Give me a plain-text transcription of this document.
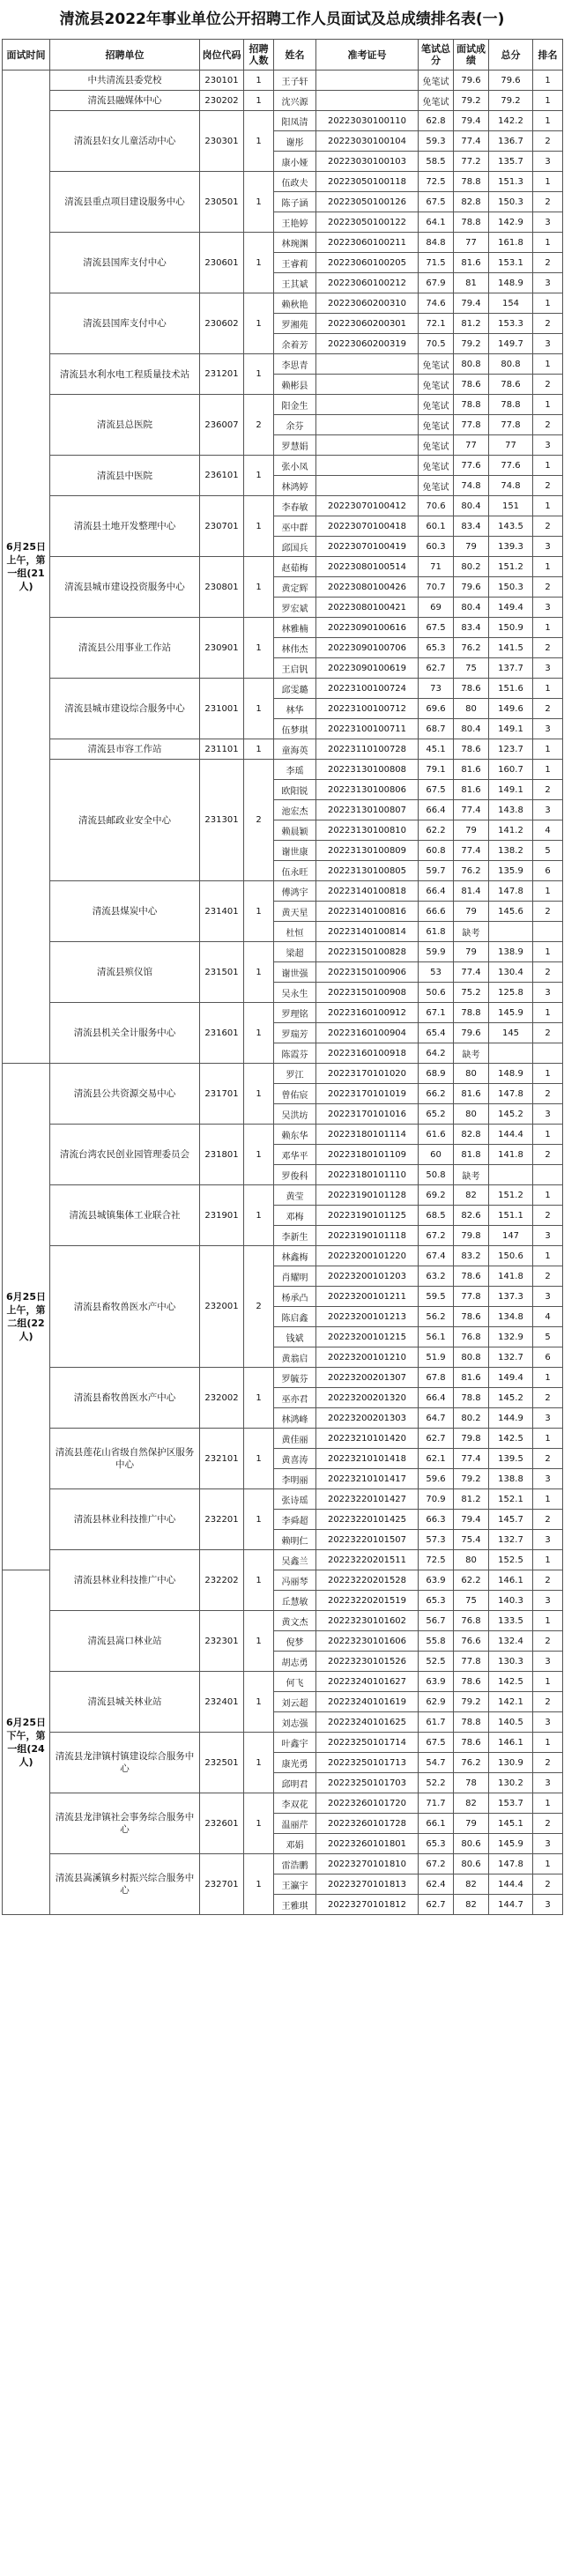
清流县2022年事业单位公开招聘工作人员面试及总成绩排名表(一)
面试时间	招聘单位	岗位代码	招聘人数	姓名	准考证号	笔试总分	面试成绩	总分	排名
6月25日上午，第一组(21人)	中共清流县委党校	230101	1	王子轩		免笔试	79.6	79.6	1
	清流县融媒体中心	230202	1	沈兴源		免笔试	79.2	79.2	1
	清流县妇女儿童活动中心	230301	1	阳凤清	20223030100110	62.8	79.4	142.2	1
				谢彤	20223030100104	59.3	77.4	136.7	2
				康小娅	20223030100103	58.5	77.2	135.7	3
	清流县重点项目建设服务中心	230501	1	伍政夫	20223050100118	72.5	78.8	151.3	1
				陈子涵	20223050100126	67.5	82.8	150.3	2
				王艳婷	20223050100122	64.1	78.8	142.9	3
	清流县国库支付中心	230601	1	林琬渊	20223060100211	84.8	77	161.8	1
				王睿莉	20223060100205	71.5	81.6	153.1	2
				王其斌	20223060100212	67.9	81	148.9	3
	清流县国库支付中心	230602	1	赖秋艳	20223060200310	74.6	79.4	154	1
				罗湘苑	20223060200301	72.1	81.2	153.3	2
				余着芳	20223060200319	70.5	79.2	149.7	3
	清流县水利水电工程质量技术站	231201	1	李思青		免笔试	80.8	80.8	1
				赖彬县		免笔试	78.6	78.6	2
	清流县总医院	236007	2	阳金生		免笔试	78.8	78.8	1
				余芬		免笔试	77.8	77.8	2
				罗慧娟		免笔试	77	77	3
	清流县中医院	236101	1	张小凤		免笔试	77.6	77.6	1
				林鸿婷		免笔试	74.8	74.8	2
	清流县土地开发整理中心	230701	1	李春敏	20223070100412	70.6	80.4	151	1
				巫中群	20223070100418	60.1	83.4	143.5	2
				邱国兵	20223070100419	60.3	79	139.3	3
	清流县城市建设投资服务中心	230801	1	赵茹梅	20223080100514	71	80.2	151.2	1
				黄定辉	20223080100426	70.7	79.6	150.3	2
				罗宏斌	20223080100421	69	80.4	149.4	3
	清流县公用事业工作站	230901	1	林雅楠	20223090100616	67.5	83.4	150.9	1
				林伟杰	20223090100706	65.3	76.2	141.5	2
				王启钒	20223090100619	62.7	75	137.7	3
	清流县城市建设综合服务中心	231001	1	邱雯璐	20223100100724	73	78.6	151.6	1
				林华	20223100100712	69.6	80	149.6	2
				伍梦琪	20223100100711	68.7	80.4	149.1	3
	清流县市容工作站	231101	1	童海英	20223110100728	45.1	78.6	123.7	1
	清流县邮政业安全中心	231301	2	李瑶	20223130100808	79.1	81.6	160.7	1
				欧阳锐	20223130100806	67.5	81.6	149.1	2
				池宏杰	20223130100807	66.4	77.4	143.8	3
				赖晨颖	20223130100810	62.2	79	141.2	4
				谢世康	20223130100809	60.8	77.4	138.2	5
				伍永旺	20223130100805	59.7	76.2	135.9	6
	清流县煤炭中心	231401	1	傅鸿宇	20223140100818	66.4	81.4	147.8	1
				黄天星	20223140100816	66.6	79	145.6	2
				杜恒	20223140100814	61.8	缺考		
	清流县殡仪馆	231501	1	梁超	20223150100828	59.9	79	138.9	1
				谢世强	20223150100906	53	77.4	130.4	2
				吴永生	20223150100908	50.6	75.2	125.8	3
	清流县机关全计服务中心	231601	1	罗理铭	20223160100912	67.1	78.8	145.9	1
				罗瑞芳	20223160100904	65.4	79.6	145	2
				陈霞芬	20223160100918	64.2	缺考		
6月25日上午，第二组(22人)	清流县公共资源交易中心	231701	1	罗江	20223170101020	68.9	80	148.9	1
				曾佑宸	20223170101019	66.2	81.6	147.8	2
				吴洪坊	20223170101016	65.2	80	145.2	3
	清流台湾农民创业园管理委员会	231801	1	赖东华	20223180101114	61.6	82.8	144.4	1
				邓华平	20223180101109	60	81.8	141.8	2
				罗俊科	20223180101110	50.8	缺考		
	清流县城镇集体工业联合社	231901	1	黄莹	20223190101128	69.2	82	151.2	1
				邓梅	20223190101125	68.5	82.6	151.1	2
				李新生	20223190101118	67.2	79.8	147	3
	清流县畜牧兽医水产中心	232001	2	林鑫梅	20223200101220	67.4	83.2	150.6	1
				肖耀明	20223200101203	63.2	78.6	141.8	2
				杨承凸	20223200101211	59.5	77.8	137.3	3
				陈启鑫	20223200101213	56.2	78.6	134.8	4
				钱斌	20223200101215	56.1	76.8	132.9	5
				黄翁启	20223200101210	51.9	80.8	132.7	6
	清流县畜牧兽医水产中心	232002	1	罗毓芬	20223200201307	67.8	81.6	149.4	1
				巫亦君	20223200201320	66.4	78.8	145.2	2
				林鸿峰	20223200201303	64.7	80.2	144.9	3
	清流县莲花山省级自然保护区服务中心	232101	1	黄佳丽	20223210101420	62.7	79.8	142.5	1
				黄喜涛	20223210101418	62.1	77.4	139.5	2
				李明丽	20223210101417	59.6	79.2	138.8	3
	清流县林业科技推广中心	232201	1	张诗瑶	20223220101427	70.9	81.2	152.1	1
				李舜超	20223220101425	66.3	79.4	145.7	2
				赖明仁	20223220101507	57.3	75.4	132.7	3
	清流县林业科技推广中心	232202	1	吴鑫兰	20223220201511	72.5	80	152.5	1
6月25日下午，第一组(24人)				冯丽琴	20223220201528	63.9	62.2	146.1	2
				丘慧敏	20223220201519	65.3	75	140.3	3
	清流县嵩口林业站	232301	1	黄文杰	20223230101602	56.7	76.8	133.5	1
				倪梦	20223230101606	55.8	76.6	132.4	2
				胡志勇	20223230101526	52.5	77.8	130.3	3
	清流县城关林业站	232401	1	何飞	20223240101627	63.9	78.6	142.5	1
				刘云超	20223240101619	62.9	79.2	142.1	2
				刘志强	20223240101625	61.7	78.8	140.5	3
	清流县龙津镇村镇建设综合服务中心	232501	1	叶鑫宇	20223250101714	67.5	78.6	146.1	1
				康光勇	20223250101713	54.7	76.2	130.9	2
				邱明君	20223250101703	52.2	78	130.2	3
	清流县龙津镇社会事务综合服务中心	232601	1	李双花	20223260101720	71.7	82	153.7	1
				温丽芹	20223260101728	66.1	79	145.1	2
				邓娟	20223260101801	65.3	80.6	145.9	3
	清流县嵩溪镇乡村振兴综合服务中心	232701	1	雷浩鹏	20223270101810	67.2	80.6	147.8	1
				王瀛宇	20223270101813	62.4	82	144.4	2
				王雅琪	20223270101812	62.7	82	144.7	3
